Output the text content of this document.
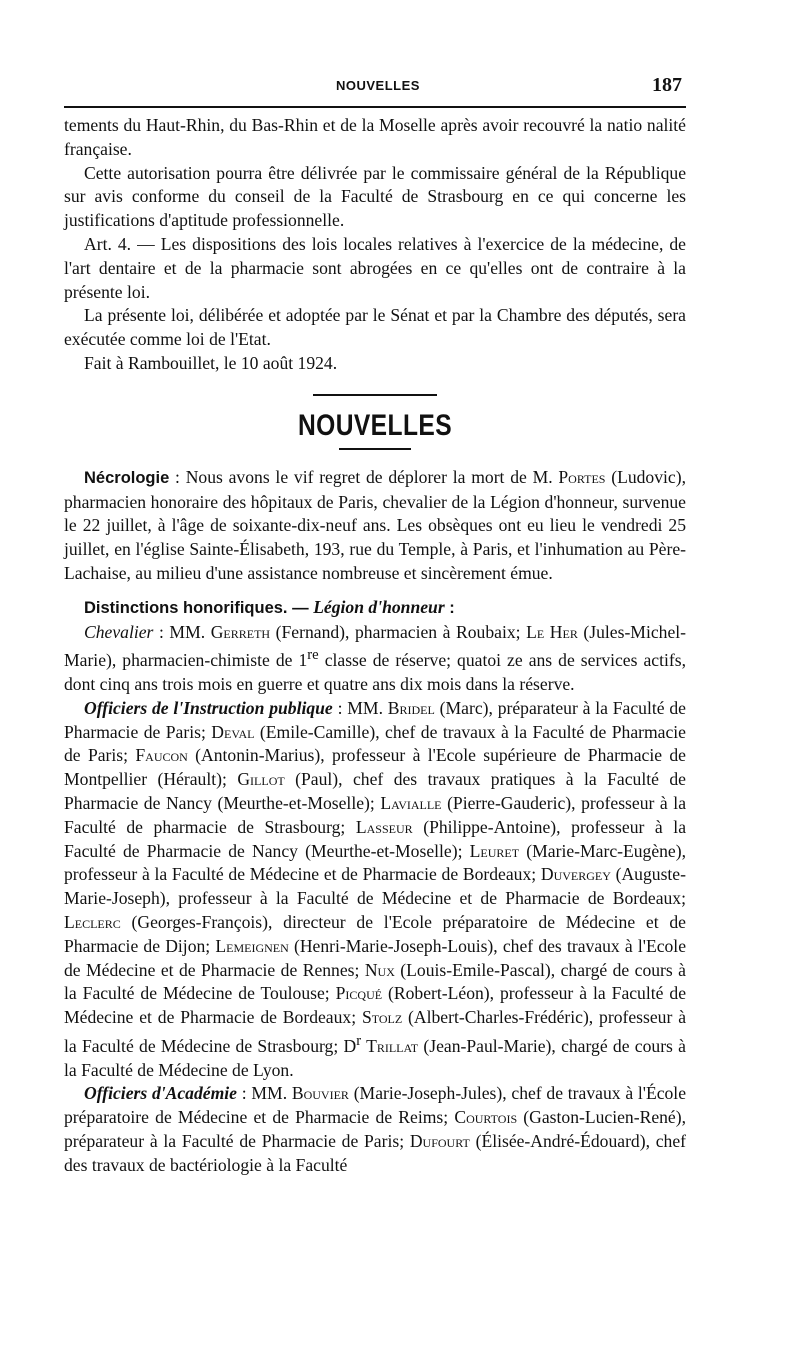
NOUVELLES	187

tements du Haut-Rhin, du Bas-Rhin et de la Moselle après avoir recouvré la natio nalité française.

Cette autorisation pourra être délivrée par le commissaire général de la République sur avis conforme du conseil de la Faculté de Strasbourg en ce qui concerne les justifications d'aptitude professionnelle.

Art. 4. — Les dispositions des lois locales relatives à l'exercice de la médecine, de l'art dentaire et de la pharmacie sont abrogées en ce qu'elles ont de contraire à la présente loi.

La présente loi, délibérée et adoptée par le Sénat et par la Chambre des députés, sera exécutée comme loi de l'Etat.

Fait à Rambouillet, le 10 août 1924.

NOUVELLES

Nécrologie : Nous avons le vif regret de déplorer la mort de M. Portes (Ludovic), pharmacien honoraire des hôpitaux de Paris, chevalier de la Légion d'honneur, survenue le 22 juillet, à l'âge de soixante-dix-neuf ans. Les obsèques ont eu lieu le vendredi 25 juillet, en l'église Sainte-Élisabeth, 193, rue du Temple, à Paris, et l'inhumation au Père-Lachaise, au milieu d'une assistance nombreuse et sincèrement émue.

Distinctions honorifiques. — Légion d'honneur :

Chevalier : MM. Gerreth (Fernand), pharmacien à Roubaix; Le Her (Jules-Michel-Marie), pharmacien-chimiste de 1re classe de réserve; quatoi ze ans de services actifs, dont cinq ans trois mois en guerre et quatre ans dix mois dans la réserve.

Officiers de l'Instruction publique : MM. Bridel (Marc), préparateur à la Faculté de Pharmacie de Paris; Deval (Emile-Camille), chef de travaux à la Faculté de Pharmacie de Paris; Faucon (Antonin-Marius), professeur à l'Ecole supérieure de Pharmacie de Montpellier (Hérault); Gillot (Paul), chef des travaux pratiques à la Faculté de Pharmacie de Nancy (Meurthe-et-Moselle); Lavialle (Pierre-Gauderic), professeur à la Faculté de pharmacie de Strasbourg; Lasseur (Philippe-Antoine), professeur à la Faculté de Pharmacie de Nancy (Meurthe-et-Moselle); Leuret (Marie-Marc-Eugène), professeur à la Faculté de Médecine et de Pharmacie de Bordeaux; Duvergey (Auguste-Marie-Joseph), professeur à la Faculté de Médecine et de Pharmacie de Bordeaux; Leclerc (Georges-François), directeur de l'Ecole préparatoire de Médecine et de Pharmacie de Dijon; Lemeignen (Henri-Marie-Joseph-Louis), chef des travaux à l'Ecole de Médecine et de Pharmacie de Rennes; Nux (Louis-Emile-Pascal), chargé de cours à la Faculté de Médecine de Toulouse; Picqué (Robert-Léon), professeur à la Faculté de Médecine et de Pharmacie de Bordeaux; Stolz (Albert-Charles-Frédéric), professeur à la Faculté de Médecine de Strasbourg; $D^r$ Trillat (Jean-Paul-Marie), chargé de cours à la Faculté de Médecine de Lyon.

Officiers d'Académie : MM. Bouvier (Marie-Joseph-Jules), chef de travaux à l'École préparatoire de Médecine et de Pharmacie de Reims; Courtois (Gaston-Lucien-René), préparateur à la Faculté de Pharmacie de Paris; Dufourt (Élisée-André-Édouard), chef des travaux de bactériologie à la Faculté
